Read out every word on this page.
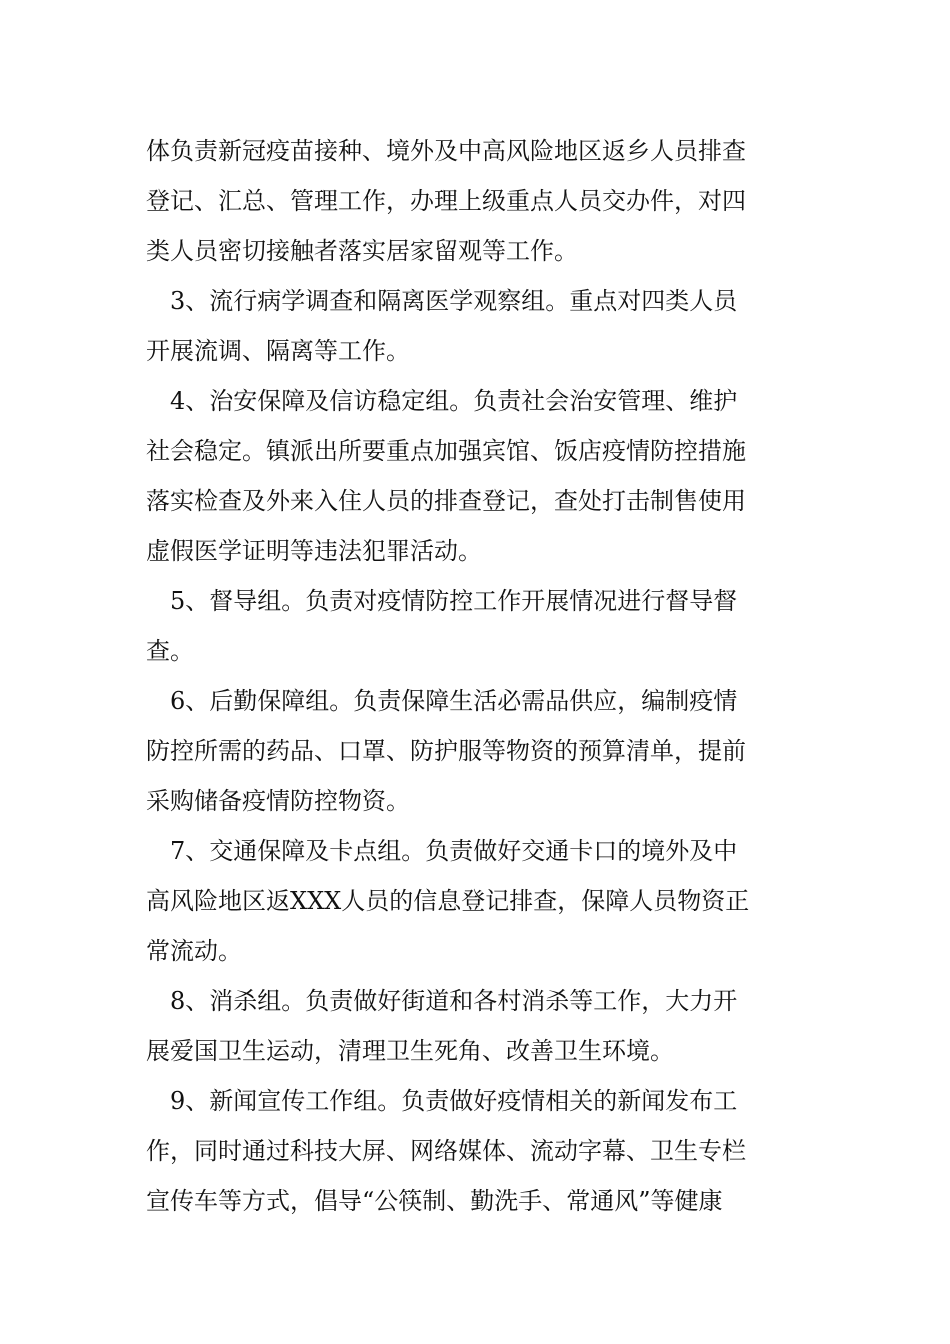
体负责新冠疫苗接种、境外及中高风险地区返乡人员排查
登记、汇总、管理工作，办理上级重点人员交办件，对四
类人员密切接触者落实居家留观等工作。
　3、流行病学调查和隔离医学观察组。重点对四类人员
开展流调、隔离等工作。
　4、治安保障及信访稳定组。负责社会治安管理、维护
社会稳定。镇派出所要重点加强宾馆、饭店疫情防控措施
落实检查及外来入住人员的排查登记，查处打击制售使用
虚假医学证明等违法犯罪活动。
　5、督导组。负责对疫情防控工作开展情况进行督导督
查。
　6、后勤保障组。负责保障生活必需品供应，编制疫情
防控所需的药品、口罩、防护服等物资的预算清单，提前
采购储备疫情防控物资。
　7、交通保障及卡点组。负责做好交通卡口的境外及中
高风险地区返XXX人员的信息登记排查，保障人员物资正
常流动。
　8、消杀组。负责做好街道和各村消杀等工作，大力开
展爱国卫生运动，清理卫生死角、改善卫生环境。
　9、新闻宣传工作组。负责做好疫情相关的新闻发布工
作，同时通过科技大屏、网络媒体、流动字幕、卫生专栏
宣传车等方式，倡导“公筷制、勤洗手、常通风”等健康
